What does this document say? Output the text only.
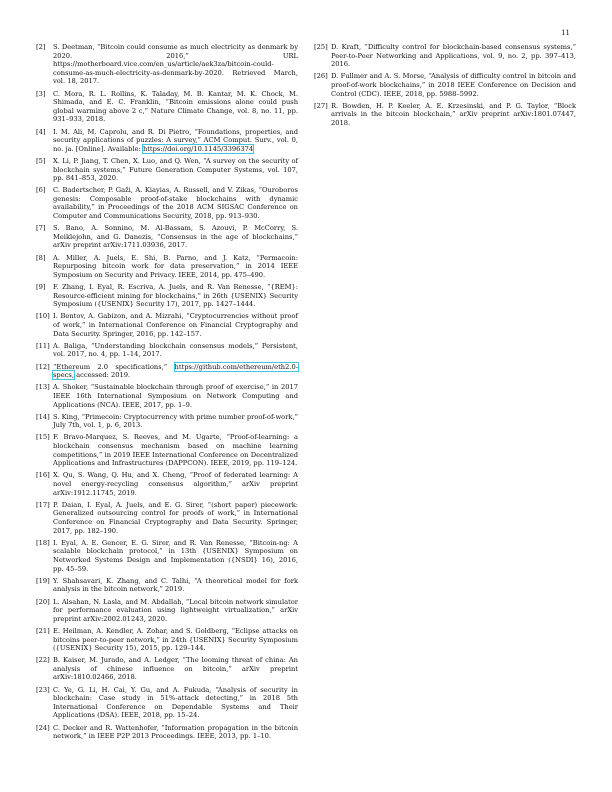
11
[2]	S. Deetman, “Bitcoin could consume as much electricity as denmark by 2020. 2016,” URL https://motherboard.vice.com/en_us/article/aek3za/bitcoin-could-consume-as-much-electricity-as-denmark-by-2020. Retrieved March, vol. 18, 2017.
[3]	C. Mora, R. L. Rollins, K. Taladay, M. B. Kantar, M. K. Chock, M. Shimada, and E. C. Franklin, “Bitcoin emissions alone could push global warming above 2 c,” Nature Climate Change, vol. 8, no. 11, pp. 931–933, 2018.
[4]	I. M. Ali, M. Caprolu, and R. Di Pietro, “Foundations, properties, and security applications of puzzles: A survey,” ACM Comput. Surv., vol. 0, no. ja. [Online]. Available: https://doi.org/10.1145/3396374
[5]	X. Li, P. Jiang, T. Chen, X. Luo, and Q. Wen, “A survey on the security of blockchain systems,” Future Generation Computer Systems, vol. 107, pp. 841–853, 2020.
[6]	C. Badertscher, P. Gaži, A. Kiayias, A. Russell, and V. Zikas, “Ouroboros genesis: Composable proof-of-stake blockchains with dynamic availability,” in Proceedings of the 2018 ACM SIGSAC Conference on Computer and Communications Security, 2018, pp. 913–930.
[7]	S. Bano, A. Sonnino, M. Al-Bassam, S. Azouvi, P. McCorry, S. Meiklejohn, and G. Danezis, “Consensus in the age of blockchains,” arXiv preprint arXiv:1711.03936, 2017.
[8]	A. Miller, A. Juels, E. Shi, B. Parno, and J. Katz, “Permacoin: Repurposing bitcoin work for data preservation,” in 2014 IEEE Symposium on Security and Privacy. IEEE, 2014, pp. 475–490.
[9]	F. Zhang, I. Eyal, R. Escriva, A. Juels, and R. Van Renesse, “{REM}: Resource-efficient mining for blockchains,” in 26th {USENIX} Security Symposium ({USENIX} Security 17), 2017, pp. 1427–1444.
[10] I. Bentov, A. Gabizon, and A. Mizrahi, “Cryptocurrencies without proof of work,” in International Conference on Financial Cryptography and Data Security. Springer, 2016, pp. 142–157.
[11] A. Baliga, “Understanding blockchain consensus models,” Persistent, vol. 2017, no. 4, pp. 1–14, 2017.
[12] “Ethereum 2.0 specifications,” https://github.com/ethereum/eth2.0-specs, accessed: 2019.
[13] A. Shoker, “Sustainable blockchain through proof of exercise,” in 2017 IEEE 16th International Symposium on Network Computing and Applications (NCA). IEEE, 2017, pp. 1–9.
[14] S. King, “Primecoin: Cryptocurrency with prime number proof-of-work,” July 7th, vol. 1, p. 6, 2013.
[15] F. Bravo-Marquez, S. Reeves, and M. Ugarte, “Proof-of-learning: a blockchain consensus mechanism based on machine learning competitions,” in 2019 IEEE International Conference on Decentralized Applications and Infrastructures (DAPPCON). IEEE, 2019, pp. 119–124.
[16] X. Qu, S. Wang, Q. Hu, and X. Cheng, “Proof of federated learning: A novel energy-recycling consensus algorithm,” arXiv preprint arXiv:1912.11745, 2019.
[17] P. Daian, I. Eyal, A. Juels, and E. G. Sirer, “(short paper) piecework: Generalized outsourcing control for proofs of work,” in International Conference on Financial Cryptography and Data Security. Springer, 2017, pp. 182–190.
[18] I. Eyal, A. E. Gencer, E. G. Sirer, and R. Van Renesse, “Bitcoin-ng: A scalable blockchain protocol,” in 13th {USENIX} Symposium on Networked Systems Design and Implementation ({NSDI} 16), 2016, pp. 45–59.
[19] Y. Shahsavari, K. Zhang, and C. Talhi, “A theoretical model for fork analysis in the bitcoin network,” 2019.
[20] L. Alsahan, N. Lasla, and M. Abdallah, “Local bitcoin network simulator for performance evaluation using lightweight virtualization,” arXiv preprint arXiv:2002.01243, 2020.
[21] E. Heilman, A. Kendler, A. Zohar, and S. Goldberg, “Eclipse attacks on bitcoins peer-to-peer network,” in 24th {USENIX} Security Symposium ({USENIX} Security 15), 2015, pp. 129–144.
[22] B. Kaiser, M. Jurado, and A. Ledger, “The looming threat of china: An analysis of chinese influence on bitcoin,” arXiv preprint arXiv:1810.02466, 2018.
[23] C. Ye, G. Li, H. Cai, Y. Gu, and A. Fukuda, “Analysis of security in blockchain: Case study in 51%-attack detecting,” in 2018 5th International Conference on Dependable Systems and Their Applications (DSA). IEEE, 2018, pp. 15–24.
[24] C. Decker and R. Wattenhofer, “Information propagation in the bitcoin network,” in IEEE P2P 2013 Proceedings. IEEE, 2013, pp. 1–10.
[25] D. Kraft, “Difficulty control for blockchain-based consensus systems,” Peer-to-Peer Networking and Applications, vol. 9, no. 2, pp. 397–413, 2016.
[26] D. Fullmer and A. S. Morse, “Analysis of difficulty control in bitcoin and proof-of-work blockchains,” in 2018 IEEE Conference on Decision and Control (CDC). IEEE, 2018, pp. 5988–5992.
[27] R. Bowden, H. P. Keeler, A. E. Krzesinski, and P. G. Taylor, “Block arrivals in the bitcoin blockchain,” arXiv preprint arXiv:1801.07447, 2018.
